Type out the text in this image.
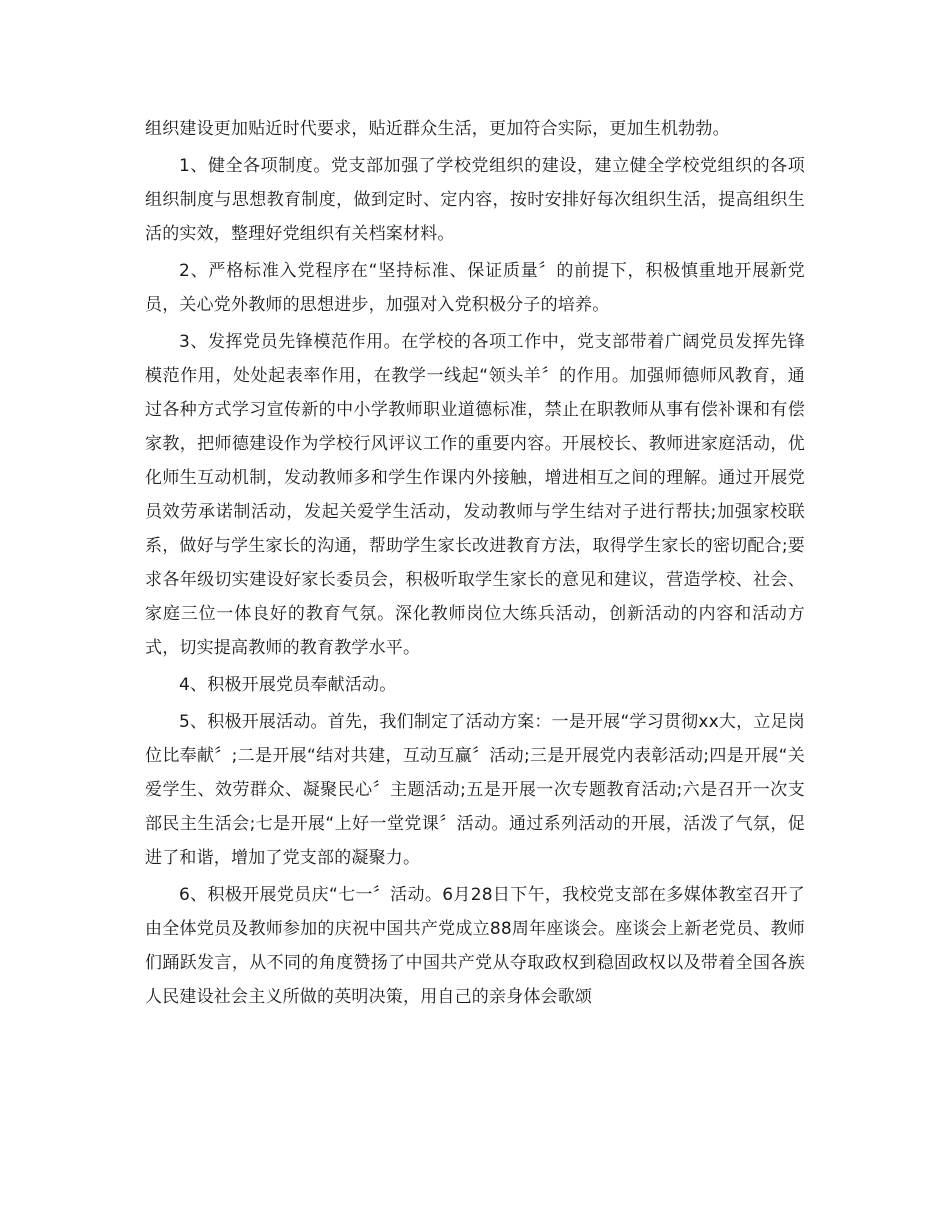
组织建设更加贴近时代要求，贴近群众生活，更加符合实际，更加生机勃勃。

1、健全各项制度。党支部加强了学校党组织的建设，建立健全学校党组织的各项组织制度与思想教育制度，做到定时、定内容，按时安排好每次组织生活，提高组织生活的实效，整理好党组织有关档案材料。

2、严格标准入党程序在“坚持标准、保证质量〞的前提下，积极慎重地开展新党员，关心党外教师的思想进步，加强对入党积极分子的培养。

3、发挥党员先锋模范作用。在学校的各项工作中，党支部带着广阔党员发挥先锋模范作用，处处起表率作用，在教学一线起“领头羊〞的作用。加强师德师风教育，通过各种方式学习宣传新的中小学教师职业道德标准，禁止在职教师从事有偿补课和有偿家教，把师德建设作为学校行风评议工作的重要内容。开展校长、教师进家庭活动，优化师生互动机制，发动教师多和学生作课内外接触，增进相互之间的理解。通过开展党员效劳承诺制活动，发起关爱学生活动，发动教师与学生结对子进行帮扶;加强家校联系，做好与学生家长的沟通，帮助学生家长改进教育方法，取得学生家长的密切配合;要求各年级切实建设好家长委员会，积极听取学生家长的意见和建议，营造学校、社会、家庭三位一体良好的教育气氛。深化教师岗位大练兵活动，创新活动的内容和活动方式，切实提高教师的教育教学水平。

4、积极开展党员奉献活动。

5、积极开展活动。首先，我们制定了活动方案：一是开展“学习贯彻xx大，立足岗位比奉献〞;二是开展“结对共建，互动互赢〞活动;三是开展党内表彰活动;四是开展“关爱学生、效劳群众、凝聚民心〞主题活动;五是开展一次专题教育活动;六是召开一次支部民主生活会;七是开展“上好一堂党课〞活动。通过系列活动的开展，活泼了气氛，促进了和谐，增加了党支部的凝聚力。

6、积极开展党员庆“七一〞活动。6月28日下午，我校党支部在多媒体教室召开了由全体党员及教师参加的庆祝中国共产党成立88周年座谈会。座谈会上新老党员、教师们踊跃发言，从不同的角度赞扬了中国共产党从夺取政权到稳固政权以及带着全国各族人民建设社会主义所做的英明决策，用自己的亲身体会歌颂
